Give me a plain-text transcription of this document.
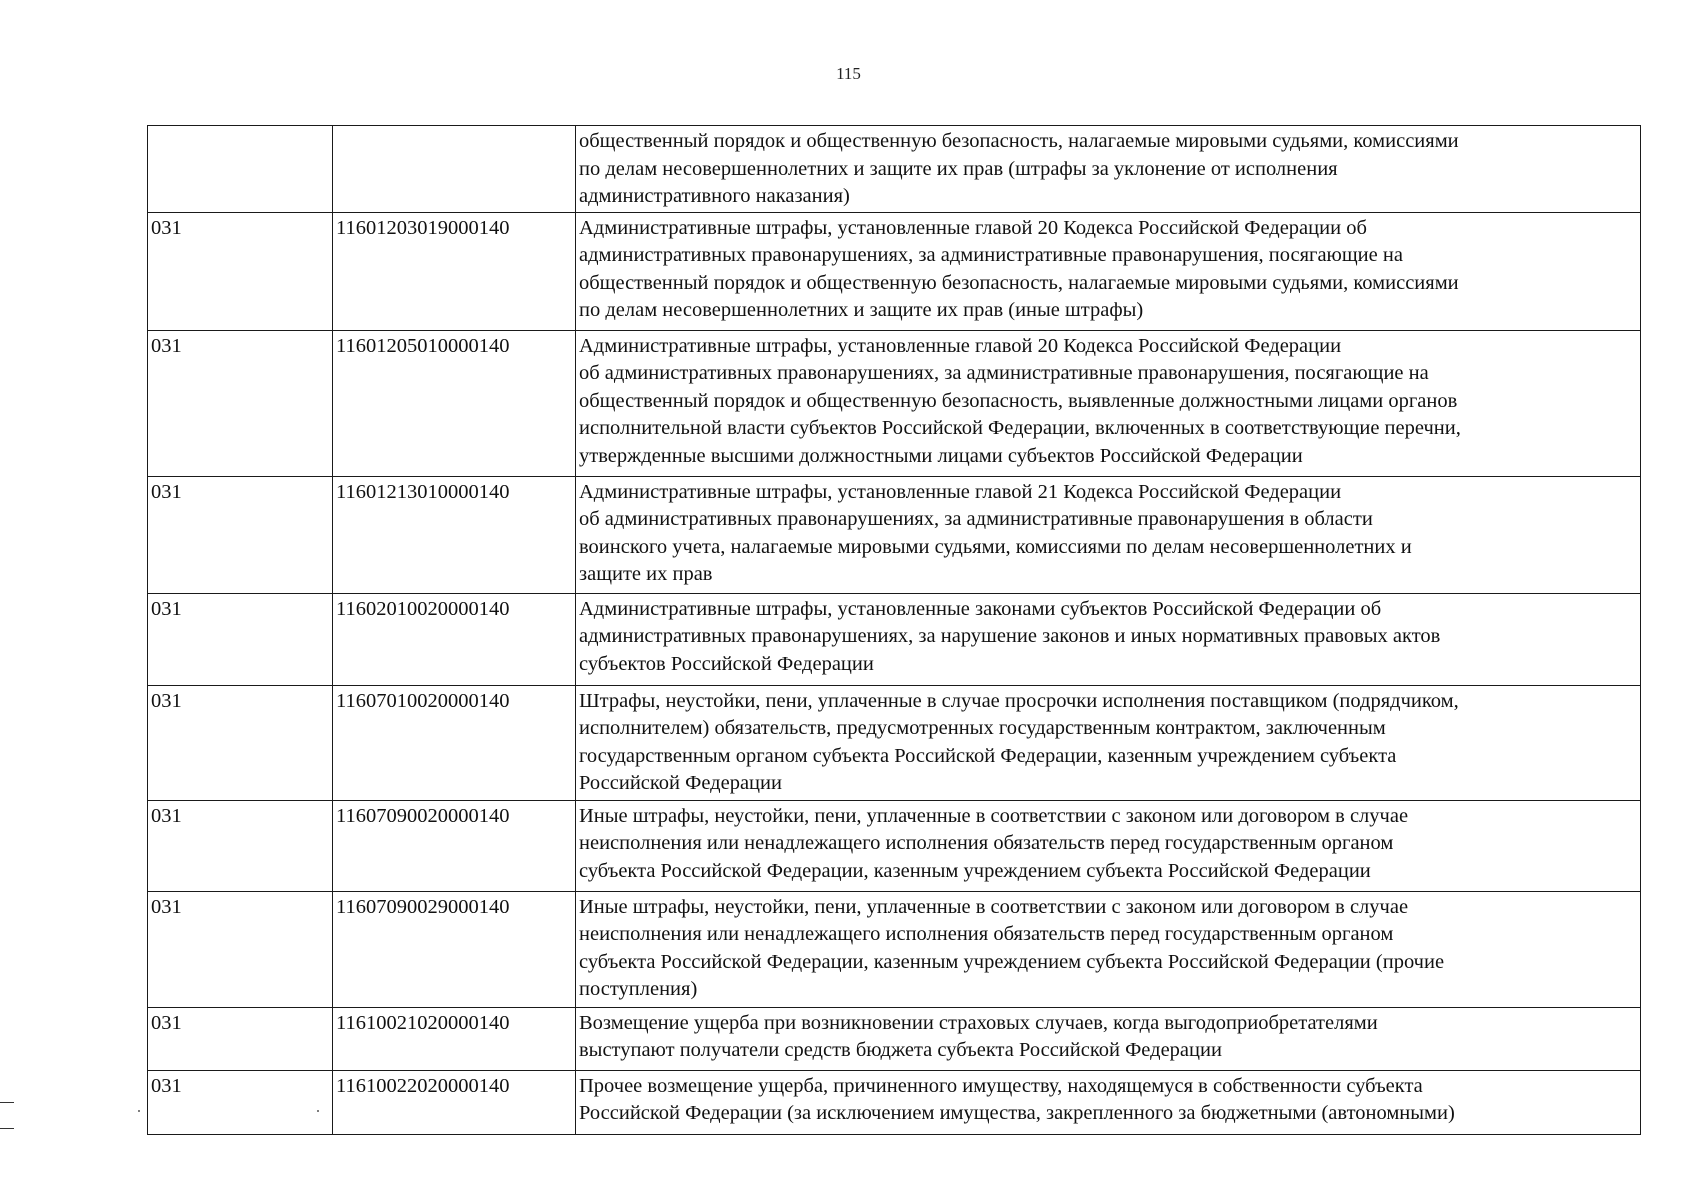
115
		общественный порядок и общественную безопасность, налагаемые мировыми судьями, комиссиями
по делам несовершеннолетних и защите их прав (штрафы за уклонение от исполнения
административного наказания)
031	11601203019000140	Административные штрафы, установленные главой 20 Кодекса Российской Федерации об
административных правонарушениях, за административные правонарушения, посягающие на
общественный порядок и общественную безопасность, налагаемые мировыми судьями, комиссиями
по делам несовершеннолетних и защите их прав (иные штрафы)
031	11601205010000140	Административные штрафы, установленные главой 20 Кодекса Российской Федерации
об административных правонарушениях, за административные правонарушения, посягающие на
общественный порядок и общественную безопасность, выявленные должностными лицами органов
исполнительной власти субъектов Российской Федерации, включенных в соответствующие перечни,
утвержденные высшими должностными лицами субъектов Российской Федерации
031	11601213010000140	Административные штрафы, установленные главой 21 Кодекса Российской Федерации
об административных правонарушениях, за административные правонарушения в области
воинского учета, налагаемые мировыми судьями, комиссиями по делам несовершеннолетних и
защите их прав
031	11602010020000140	Административные штрафы, установленные законами субъектов Российской Федерации об
административных правонарушениях, за нарушение законов и иных нормативных правовых актов
субъектов Российской Федерации
031	11607010020000140	Штрафы, неустойки, пени, уплаченные в случае просрочки исполнения поставщиком (подрядчиком,
исполнителем) обязательств, предусмотренных государственным контрактом, заключенным
государственным органом субъекта Российской Федерации, казенным учреждением субъекта
Российской Федерации
031	11607090020000140	Иные штрафы, неустойки, пени, уплаченные в соответствии с законом или договором в случае
неисполнения или ненадлежащего исполнения обязательств перед государственным органом
субъекта Российской Федерации, казенным учреждением субъекта Российской Федерации
031	11607090029000140	Иные штрафы, неустойки, пени, уплаченные в соответствии с законом или договором в случае
неисполнения или ненадлежащего исполнения обязательств перед государственным органом
субъекта Российской Федерации, казенным учреждением субъекта Российской Федерации (прочие
поступления)
031	11610021020000140	Возмещение ущерба при возникновении страховых случаев, когда выгодоприобретателями
выступают получатели средств бюджета субъекта Российской Федерации
031	11610022020000140	Прочее возмещение ущерба, причиненного имуществу, находящемуся в собственности субъекта
Российской Федерации (за исключением имущества, закрепленного за бюджетными (автономными)
